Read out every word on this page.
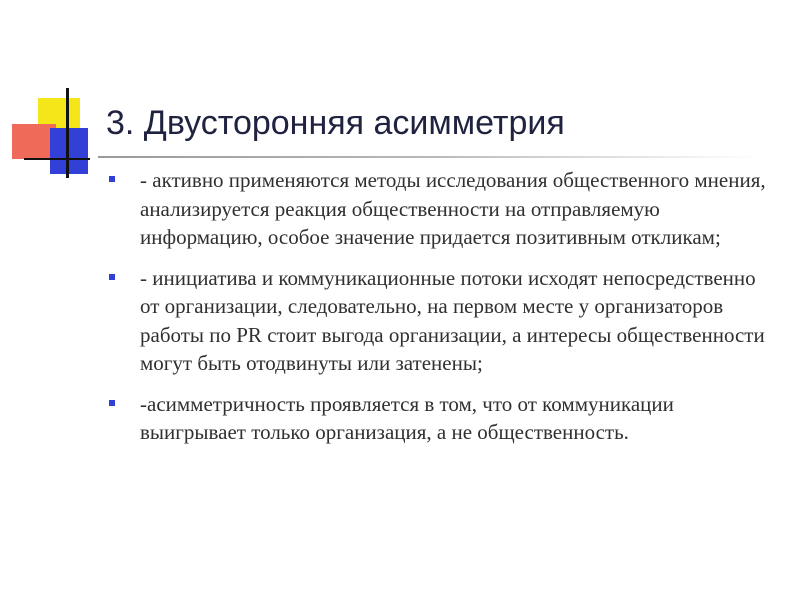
3. Двусторонняя асимметрия
- активно применяются методы исследования общественного мнения, анализируется реакция общественности на отправляемую информацию, особое значение придается позитивным откликам;
- инициатива и коммуникационные потоки исходят непосредственно от организации, следовательно, на первом месте у организаторов работы по PR стоит выгода организации, а интересы общественности могут быть отодвинуты или затенены;
-асимметричность проявляется в том, что от коммуникации выигрывает только организация, а не общественность.
